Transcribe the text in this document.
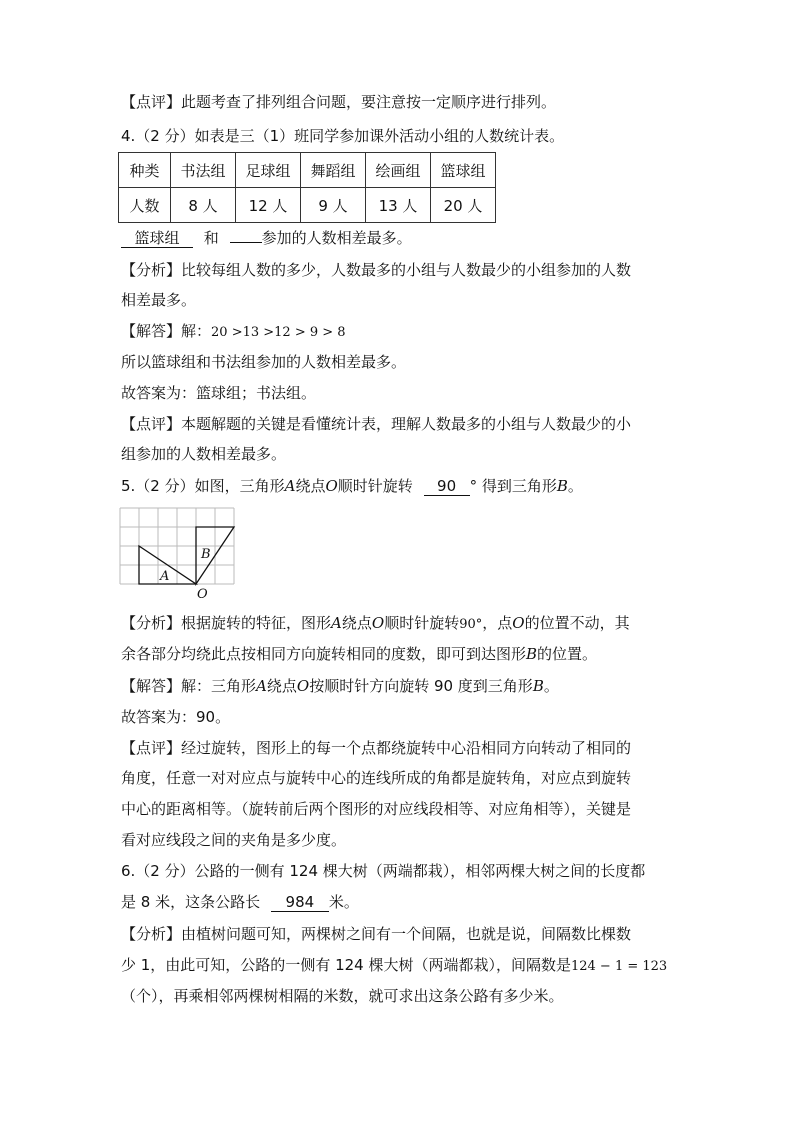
【点评】此题考查了排列组合问题，要注意按一定顺序进行排列。
4.（2 分）如表是三（1）班同学参加课外活动小组的人数统计表。
种类	书法组	足球组	舞蹈组	绘画组	篮球组
人数	8 人	12 人	9 人	13 人	20 人
篮球组 和	参加的人数相差最多。
【分析】比较每组人数的多少，人数最多的小组与人数最少的小组参加的人数
相差最多。
【解答】解：20 >13 >12 > 9 > 8
所以篮球组和书法组参加的人数相差最多。
故答案为：篮球组；书法组。
【点评】本题解题的关键是看懂统计表，理解人数最多的小组与人数最少的小
组参加的人数相差最多。
5.（2 分）如图，三角形A绕点O顺时针旋转 90 ° 得到三角形B。
A
B
O
【分析】根据旋转的特征，图形A绕点O顺时针旋转90°，点O的位置不动，其
余各部分均绕此点按相同方向旋转相同的度数，即可到达图形B的位置。
【解答】解：三角形A绕点O按顺时针方向旋转 90 度到三角形B。
故答案为：90。
【点评】经过旋转，图形上的每一个点都绕旋转中心沿相同方向转动了相同的
角度，任意一对对应点与旋转中心的连线所成的角都是旋转角，对应点到旋转
中心的距离相等。（旋转前后两个图形的对应线段相等、对应角相等），关键是
看对应线段之间的夹角是多少度。
6.（2 分）公路的一侧有 124 棵大树（两端都栽），相邻两棵大树之间的长度都
是 8 米，这条公路长 984 米。
【分析】由植树问题可知，两棵树之间有一个间隔，也就是说，间隔数比棵数
少 1，由此可知，公路的一侧有 124 棵大树（两端都栽），间隔数是124 − 1 = 123
（个），再乘相邻两棵树相隔的米数，就可求出这条公路有多少米。
